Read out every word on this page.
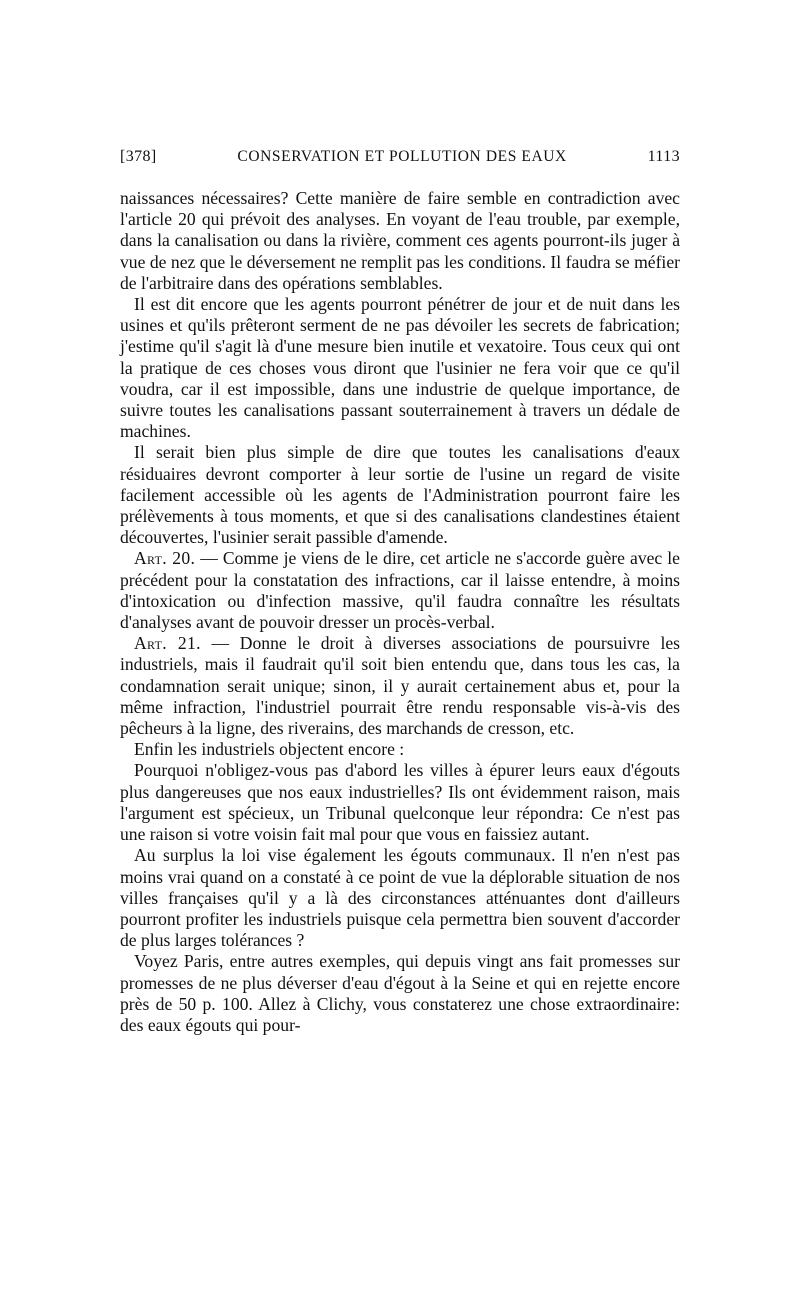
[378]	CONSERVATION ET POLLUTION DES EAUX	1113

naissances nécessaires? Cette manière de faire semble en contradiction avec l'article 20 qui prévoit des analyses. En voyant de l'eau trouble, par exemple, dans la canalisation ou dans la rivière, comment ces agents pourront-ils juger à vue de nez que le déversement ne remplit pas les conditions. Il faudra se méfier de l'arbitraire dans des opérations semblables.

Il est dit encore que les agents pourront pénétrer de jour et de nuit dans les usines et qu'ils prêteront serment de ne pas dévoiler les secrets de fabrication; j'estime qu'il s'agit là d'une mesure bien inutile et vexatoire. Tous ceux qui ont la pratique de ces choses vous diront que l'usinier ne fera voir que ce qu'il voudra, car il est impossible, dans une industrie de quelque importance, de suivre toutes les canalisations passant souterrainement à travers un dédale de machines.

Il serait bien plus simple de dire que toutes les canalisations d'eaux résiduaires devront comporter à leur sortie de l'usine un regard de visite facilement accessible où les agents de l'Administration pourront faire les prélèvements à tous moments, et que si des canalisations clandestines étaient découvertes, l'usinier serait passible d'amende.

Art. 20. — Comme je viens de le dire, cet article ne s'accorde guère avec le précédent pour la constatation des infractions, car il laisse entendre, à moins d'intoxication ou d'infection massive, qu'il faudra connaître les résultats d'analyses avant de pouvoir dresser un procès-verbal.

Art. 21. — Donne le droit à diverses associations de poursuivre les industriels, mais il faudrait qu'il soit bien entendu que, dans tous les cas, la condamnation serait unique; sinon, il y aurait certainement abus et, pour la même infraction, l'industriel pourrait être rendu responsable vis-à-vis des pêcheurs à la ligne, des riverains, des marchands de cresson, etc.

Enfin les industriels objectent encore :

Pourquoi n'obligez-vous pas d'abord les villes à épurer leurs eaux d'égouts plus dangereuses que nos eaux industrielles? Ils ont évidemment raison, mais l'argument est spécieux, un Tribunal quelconque leur répondra: Ce n'est pas une raison si votre voisin fait mal pour que vous en faissiez autant.

Au surplus la loi vise également les égouts communaux. Il n'en n'est pas moins vrai quand on a constaté à ce point de vue la déplorable situation de nos villes françaises qu'il y a là des circonstances atténuantes dont d'ailleurs pourront profiter les industriels puisque cela permettra bien souvent d'accorder de plus larges tolérances ?

Voyez Paris, entre autres exemples, qui depuis vingt ans fait promesses sur promesses de ne plus déverser d'eau d'égout à la Seine et qui en rejette encore près de 50 p. 100. Allez à Clichy, vous constaterez une chose extraordinaire: des eaux égouts qui pour-
